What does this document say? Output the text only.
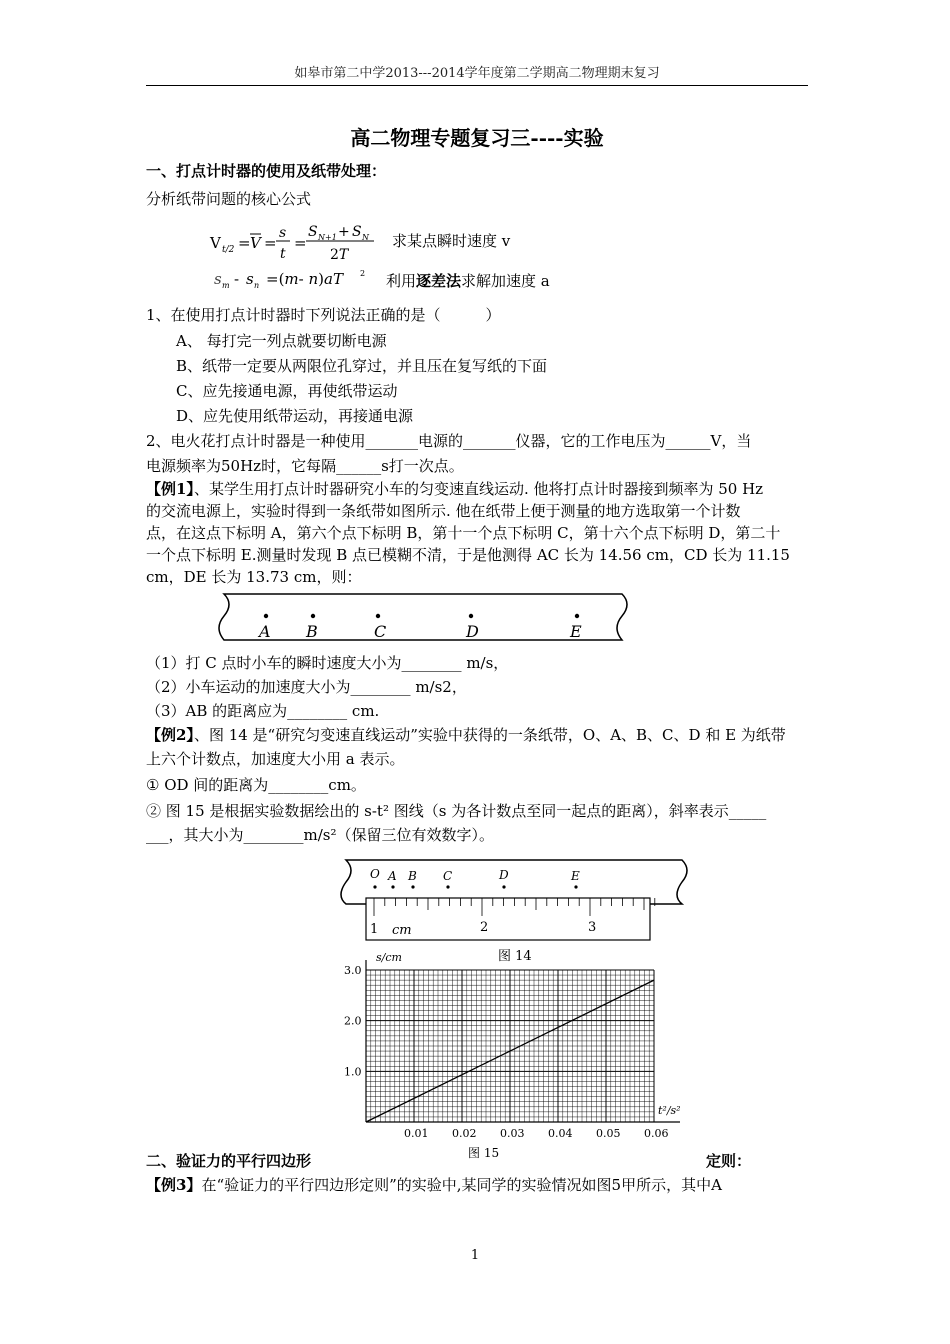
如皋市第二中学2013---2014学年度第二学期高二物理期末复习
高二物理专题复习三----实验
一、打点计时器的使用及纸带处理：
分析纸带问题的核心公式
V t/2 = V =
s
t
=
S N+1 + S N
2T
求某点瞬时速度 v
s m - s n =(m- n)aT 2 利用逐差法求解加速度 a
1、在使用打点计时器时下列说法正确的是（　　　）
A、 每打完一列点就要切断电源
B、纸带一定要从两限位孔穿过，并且压在复写纸的下面
C、应先接通电源，再使纸带运动
D、应先使用纸带运动，再接通电源
2、电火花打点计时器是一种使用_______电源的_______仪器，它的工作电压为______V，当
电源频率为50Hz时，它每隔______s打一次点。
【例1】、某学生用打点计时器研究小车的匀变速直线运动. 他将打点计时器接到频率为 50 Hz
的交流电源上，实验时得到一条纸带如图所示. 他在纸带上便于测量的地方选取第一个计数
点，在这点下标明 A，第六个点下标明 B，第十一个点下标明 C，第十六个点下标明 D，第二十
一个点下标明 E.测量时发现 B 点已模糊不清，于是他测得 AC 长为 14.56 cm，CD 长为 11.15
cm，DE 长为 13.73 cm，则：
A B	C	D	E
（1）打 C 点时小车的瞬时速度大小为________ m/s，
（2）小车运动的加速度大小为________ m/s2，
（3）AB 的距离应为________ cm.
【例2】、图 14 是“研究匀变速直线运动”实验中获得的一条纸带，O、A、B、C、D 和 E 为纸带
上六个计数点，加速度大小用 a 表示。
① OD 间的距离为________cm。
② 图 15 是根据实验数据绘出的 s-t² 图线（s 为各计数点至同一起点的距离），斜率表示_____
___，其大小为________m/s²（保留三位有效数字）。
O A B C	D	E
1 cm	2	3
图 14
0.01 0.02 0.03 0.04 0.05 0.06
1.0
2.0
3.0
s/cm
t²/s²
图 15
二、验证力的平行四边形	定则：
【例3】在“验证力的平行四边形定则”的实验中,某同学的实验情况如图5甲所示，其中A
1
